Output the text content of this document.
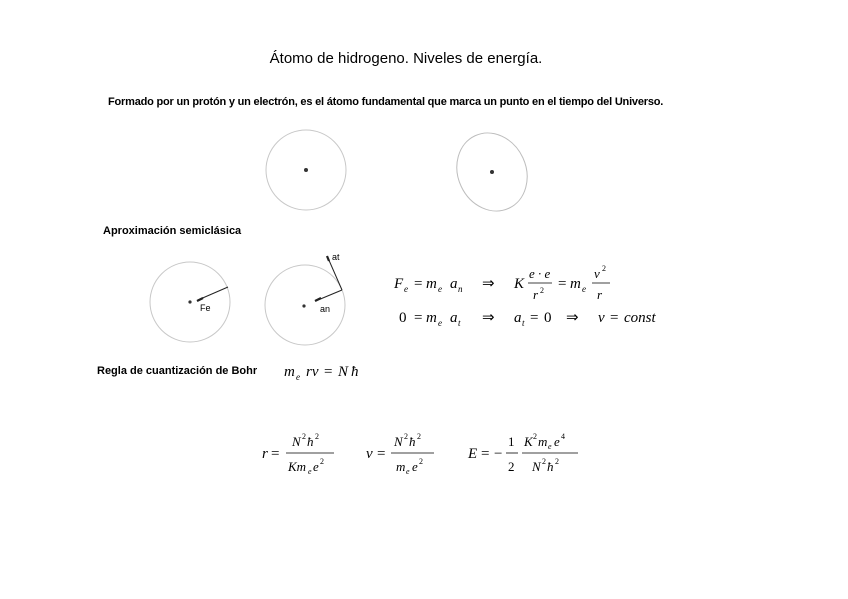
Átomo de hidrogeno. Niveles de energía.
Formado por un protón y un electrón, es el átomo fundamental que marca un punto en el tiempo del Universo.
Aproximación semiclásica
Regla de cuantización de Bohr
Fe	an
at
F e = m e a n ⇒ K
e · e
r 2 = m e
v 2
r
0 = m e a t ⇒ a t = 0 ⇒ v = const
m e rv = N ħ
r =
N 2 ħ 2
Km e e 2	v =
N 2 ħ 2
m e e 2	E = −
1
2
K 2 m e e 4
N 2 ħ 2
